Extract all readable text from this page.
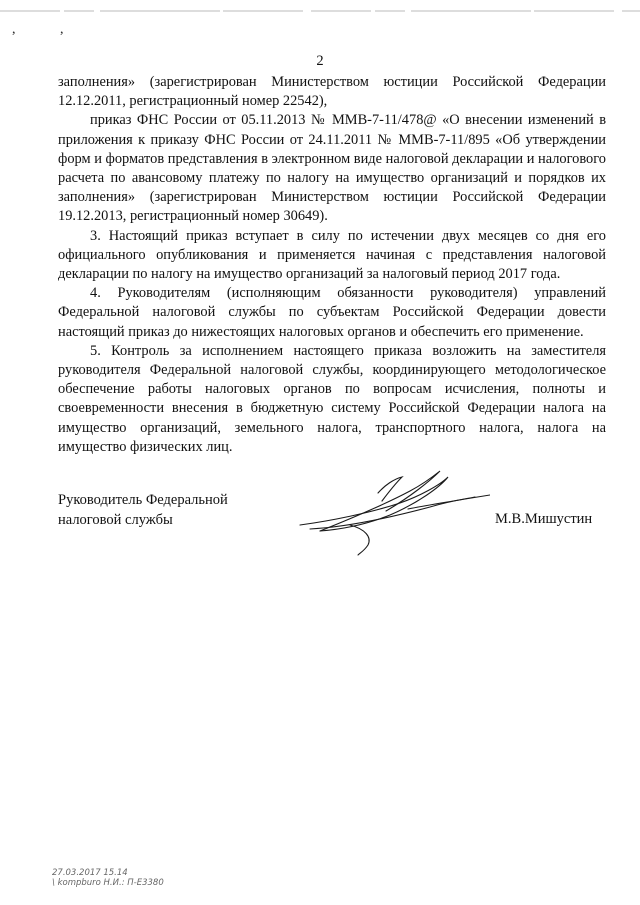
,	,
2

заполнения» (зарегистрирован Министерством юстиции Российской Федерации 12.12.2011, регистрационный номер 22542),

приказ ФНС России от 05.11.2013 № ММВ-7-11/478@ «О внесении изменений в приложения к приказу ФНС России от 24.11.2011 № ММВ-7-11/895 «Об утверждении форм и форматов представления в электронном виде налоговой декларации и налогового расчета по авансовому платежу по налогу на имущество организаций и порядков их заполнения» (зарегистрирован Министерством юстиции Российской Федерации 19.12.2013, регистрационный номер 30649).

3. Настоящий приказ вступает в силу по истечении двух месяцев со дня его официального опубликования и применяется начиная с представления налоговой декларации по налогу на имущество организаций за налоговый период 2017 года.

4. Руководителям (исполняющим обязанности руководителя) управлений Федеральной налоговой службы по субъектам Российской Федерации довести настоящий приказ до нижестоящих налоговых органов и обеспечить его применение.

5. Контроль за исполнением настоящего приказа возложить на заместителя руководителя Федеральной налоговой службы, координирующего методологическое обеспечение работы налоговых органов по вопросам исчисления, полноты и своевременности внесения в бюджетную систему Российской Федерации налога на имущество организаций, земельного налога, транспортного налога, налога на имущество физических лиц.

Руководитель Федеральной
налоговой службы	М.В.Мишустин
27.03.2017 15.14
\ kompburo Н.И.: П-Е3380
